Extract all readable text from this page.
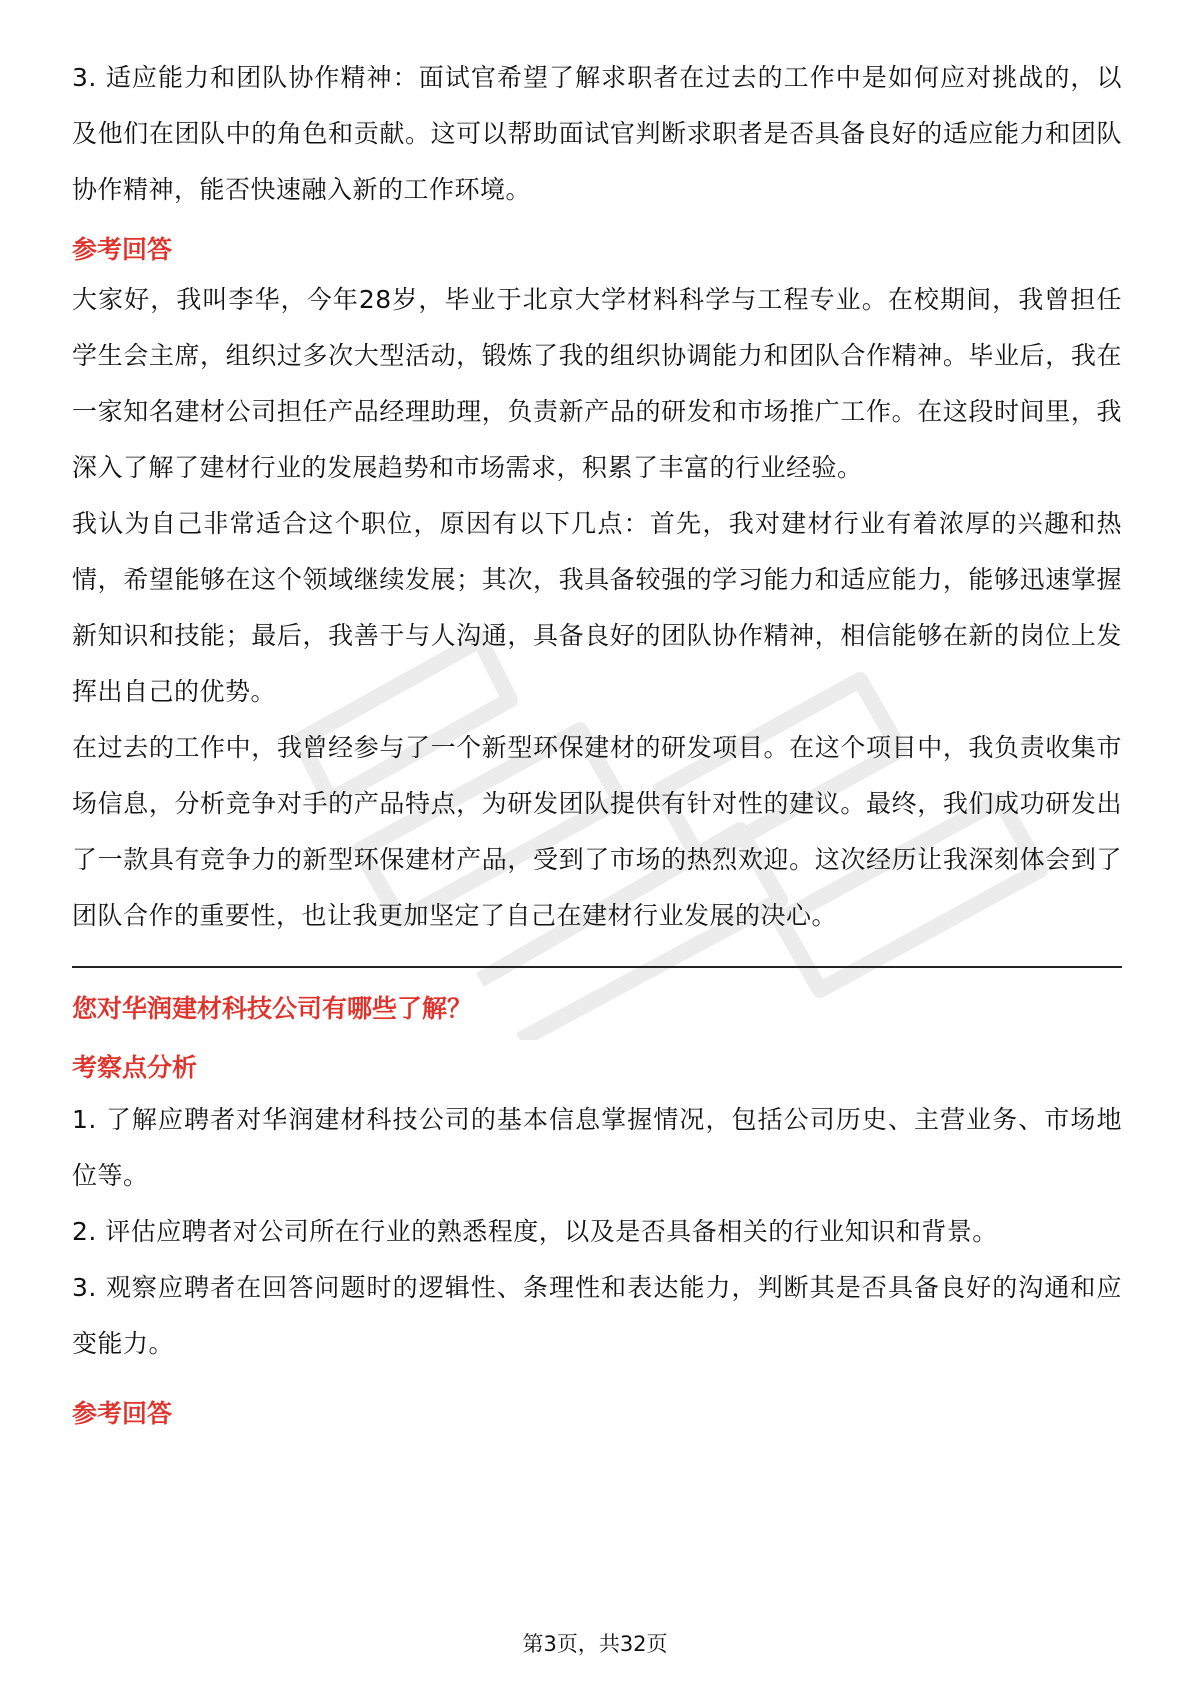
3. 适应能力和团队协作精神：面试官希望了解求职者在过去的工作中是如何应对挑战的，以及他们在团队中的角色和贡献。这可以帮助面试官判断求职者是否具备良好的适应能力和团队协作精神，能否快速融入新的工作环境。

参考回答

大家好，我叫李华，今年28岁，毕业于北京大学材料科学与工程专业。在校期间，我曾担任学生会主席，组织过多次大型活动，锻炼了我的组织协调能力和团队合作精神。毕业后，我在一家知名建材公司担任产品经理助理，负责新产品的研发和市场推广工作。在这段时间里，我深入了解了建材行业的发展趋势和市场需求，积累了丰富的行业经验。

我认为自己非常适合这个职位，原因有以下几点：首先，我对建材行业有着浓厚的兴趣和热情，希望能够在这个领域继续发展；其次，我具备较强的学习能力和适应能力，能够迅速掌握新知识和技能；最后，我善于与人沟通，具备良好的团队协作精神，相信能够在新的岗位上发挥出自己的优势。

在过去的工作中，我曾经参与了一个新型环保建材的研发项目。在这个项目中，我负责收集市场信息，分析竞争对手的产品特点，为研发团队提供有针对性的建议。最终，我们成功研发出了一款具有竞争力的新型环保建材产品，受到了市场的热烈欢迎。这次经历让我深刻体会到了团队合作的重要性，也让我更加坚定了自己在建材行业发展的决心。

您对华润建材科技公司有哪些了解？

考察点分析

1. 了解应聘者对华润建材科技公司的基本信息掌握情况，包括公司历史、主营业务、市场地位等。

2. 评估应聘者对公司所在行业的熟悉程度，以及是否具备相关的行业知识和背景。

3. 观察应聘者在回答问题时的逻辑性、条理性和表达能力，判断其是否具备良好的沟通和应变能力。

参考回答

第3页，共32页
